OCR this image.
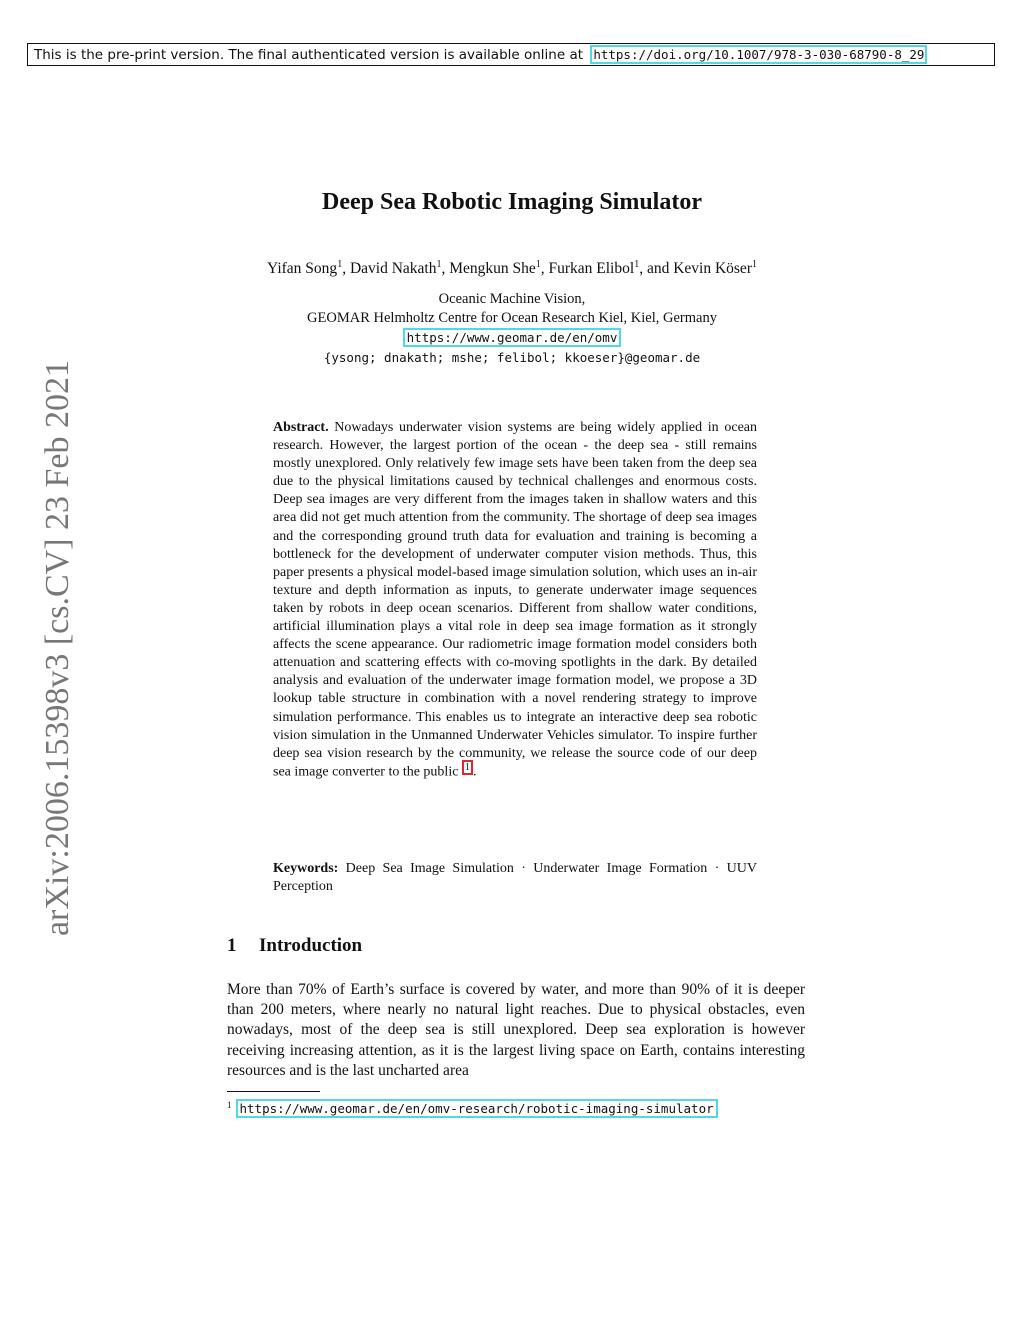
This is the pre-print version. The final authenticated version is available online at https://doi.org/10.1007/978-3-030-68790-8_29
arXiv:2006.15398v3 [cs.CV] 23 Feb 2021
Deep Sea Robotic Imaging Simulator
Yifan Song$^1$, David Nakath$^1$, Mengkun She$^1$, Furkan Elibol$^1$, and Kevin Köser$^1$
Oceanic Machine Vision,
GEOMAR Helmholtz Centre for Ocean Research Kiel, Kiel, Germany
https://www.geomar.de/en/omv
{ysong; dnakath; mshe; felibol; kkoeser}@geomar.de
Abstract. Nowadays underwater vision systems are being widely applied in ocean research. However, the largest portion of the ocean - the deep sea - still remains mostly unexplored. Only relatively few image sets have been taken from the deep sea due to the physical limitations caused by technical challenges and enormous costs. Deep sea images are very different from the images taken in shallow waters and this area did not get much attention from the community. The shortage of deep sea images and the corresponding ground truth data for evaluation and training is becoming a bottleneck for the development of underwater computer vision methods. Thus, this paper presents a physical model-based image simulation solution, which uses an in-air texture and depth information as inputs, to generate underwater image sequences taken by robots in deep ocean scenarios. Different from shallow water conditions, artificial illumination plays a vital role in deep sea image formation as it strongly affects the scene appearance. Our radiometric image formation model considers both attenuation and scattering effects with co-moving spotlights in the dark. By detailed analysis and evaluation of the underwater image formation model, we propose a 3D lookup table structure in combination with a novel rendering strategy to improve simulation performance. This enables us to integrate an interactive deep sea robotic vision simulation in the Unmanned Underwater Vehicles simulator. To inspire further deep sea vision research by the community, we release the source code of our deep sea image converter to the public $^1$ .
Keywords: Deep Sea Image Simulation · Underwater Image Formation · UUV Perception
1 Introduction
More than 70% of Earth’s surface is covered by water, and more than 90% of it is deeper than 200 meters, where nearly no natural light reaches. Due to physical obstacles, even nowadays, most of the deep sea is still unexplored. Deep sea exploration is however receiving increasing attention, as it is the largest living space on Earth, contains interesting resources and is the last uncharted area
$^1$ https://www.geomar.de/en/omv-research/robotic-imaging-simulator
